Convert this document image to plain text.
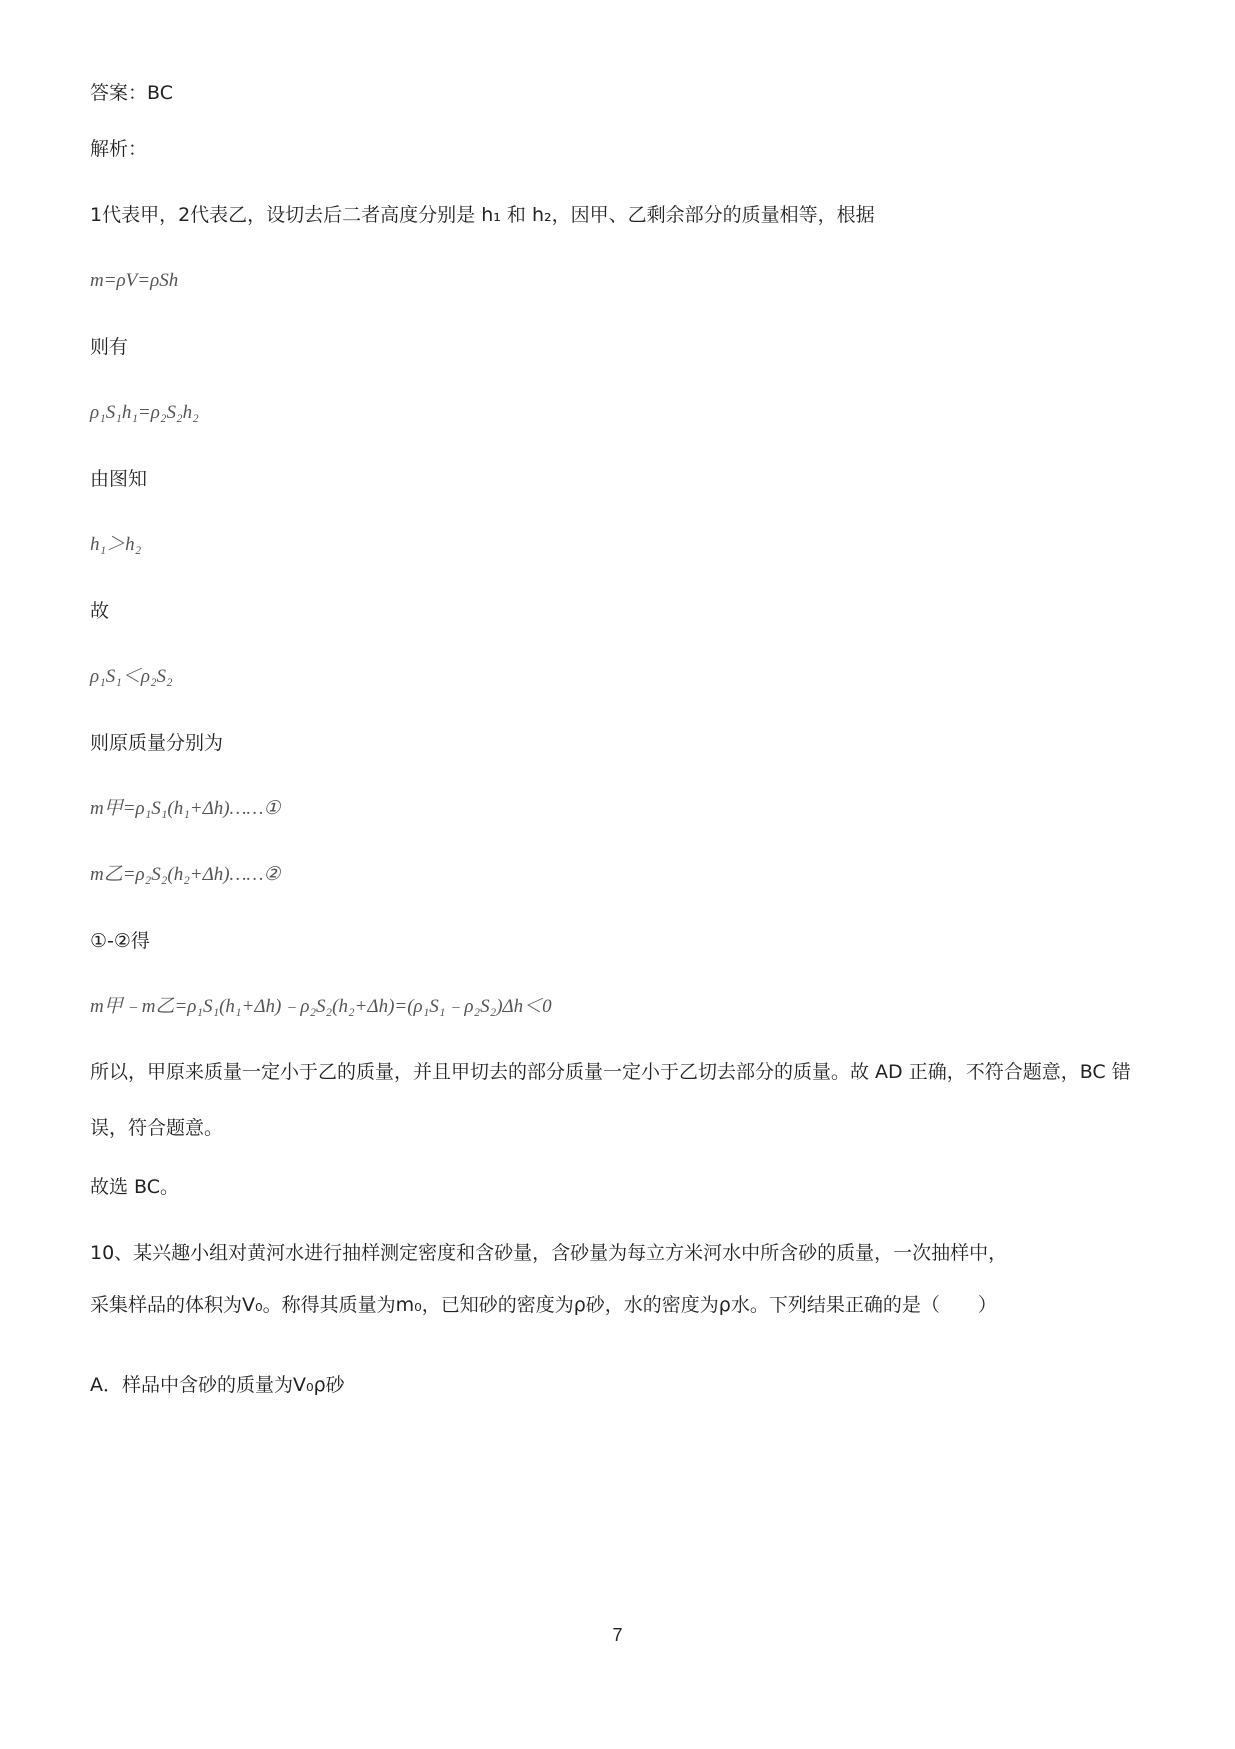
答案：BC
解析：
1代表甲，2代表乙，设切去后二者高度分别是 h₁ 和 h₂，因甲、乙剩余部分的质量相等，根据
m=ρV=ρSh
则有
ρ₁S₁h₁=ρ₂S₂h₂
由图知
h₁＞h₂
故
ρ₁S₁＜ρ₂S₂
则原质量分别为
m甲=ρ₁S₁(h₁+Δh)……①
m乙=ρ₂S₂(h₂+Δh)……②
①-②得
m甲﹣m乙=ρ₁S₁(h₁+Δh)﹣ρ₂S₂(h₂+Δh)=(ρ₁S₁﹣ρ₂S₂)Δh＜0
所以，甲原来质量一定小于乙的质量，并且甲切去的部分质量一定小于乙切去部分的质量。故 AD 正确，不符合题意，BC 错误，符合题意。
故选 BC。
10、某兴趣小组对黄河水进行抽样测定密度和含砂量，含砂量为每立方米河水中所含砂的质量，一次抽样中，
采集样品的体积为V₀。称得其质量为m₀，已知砂的密度为ρ砂，水的密度为ρ水。下列结果正确的是（　　）
A．样品中含砂的质量为V₀ρ砂
7
